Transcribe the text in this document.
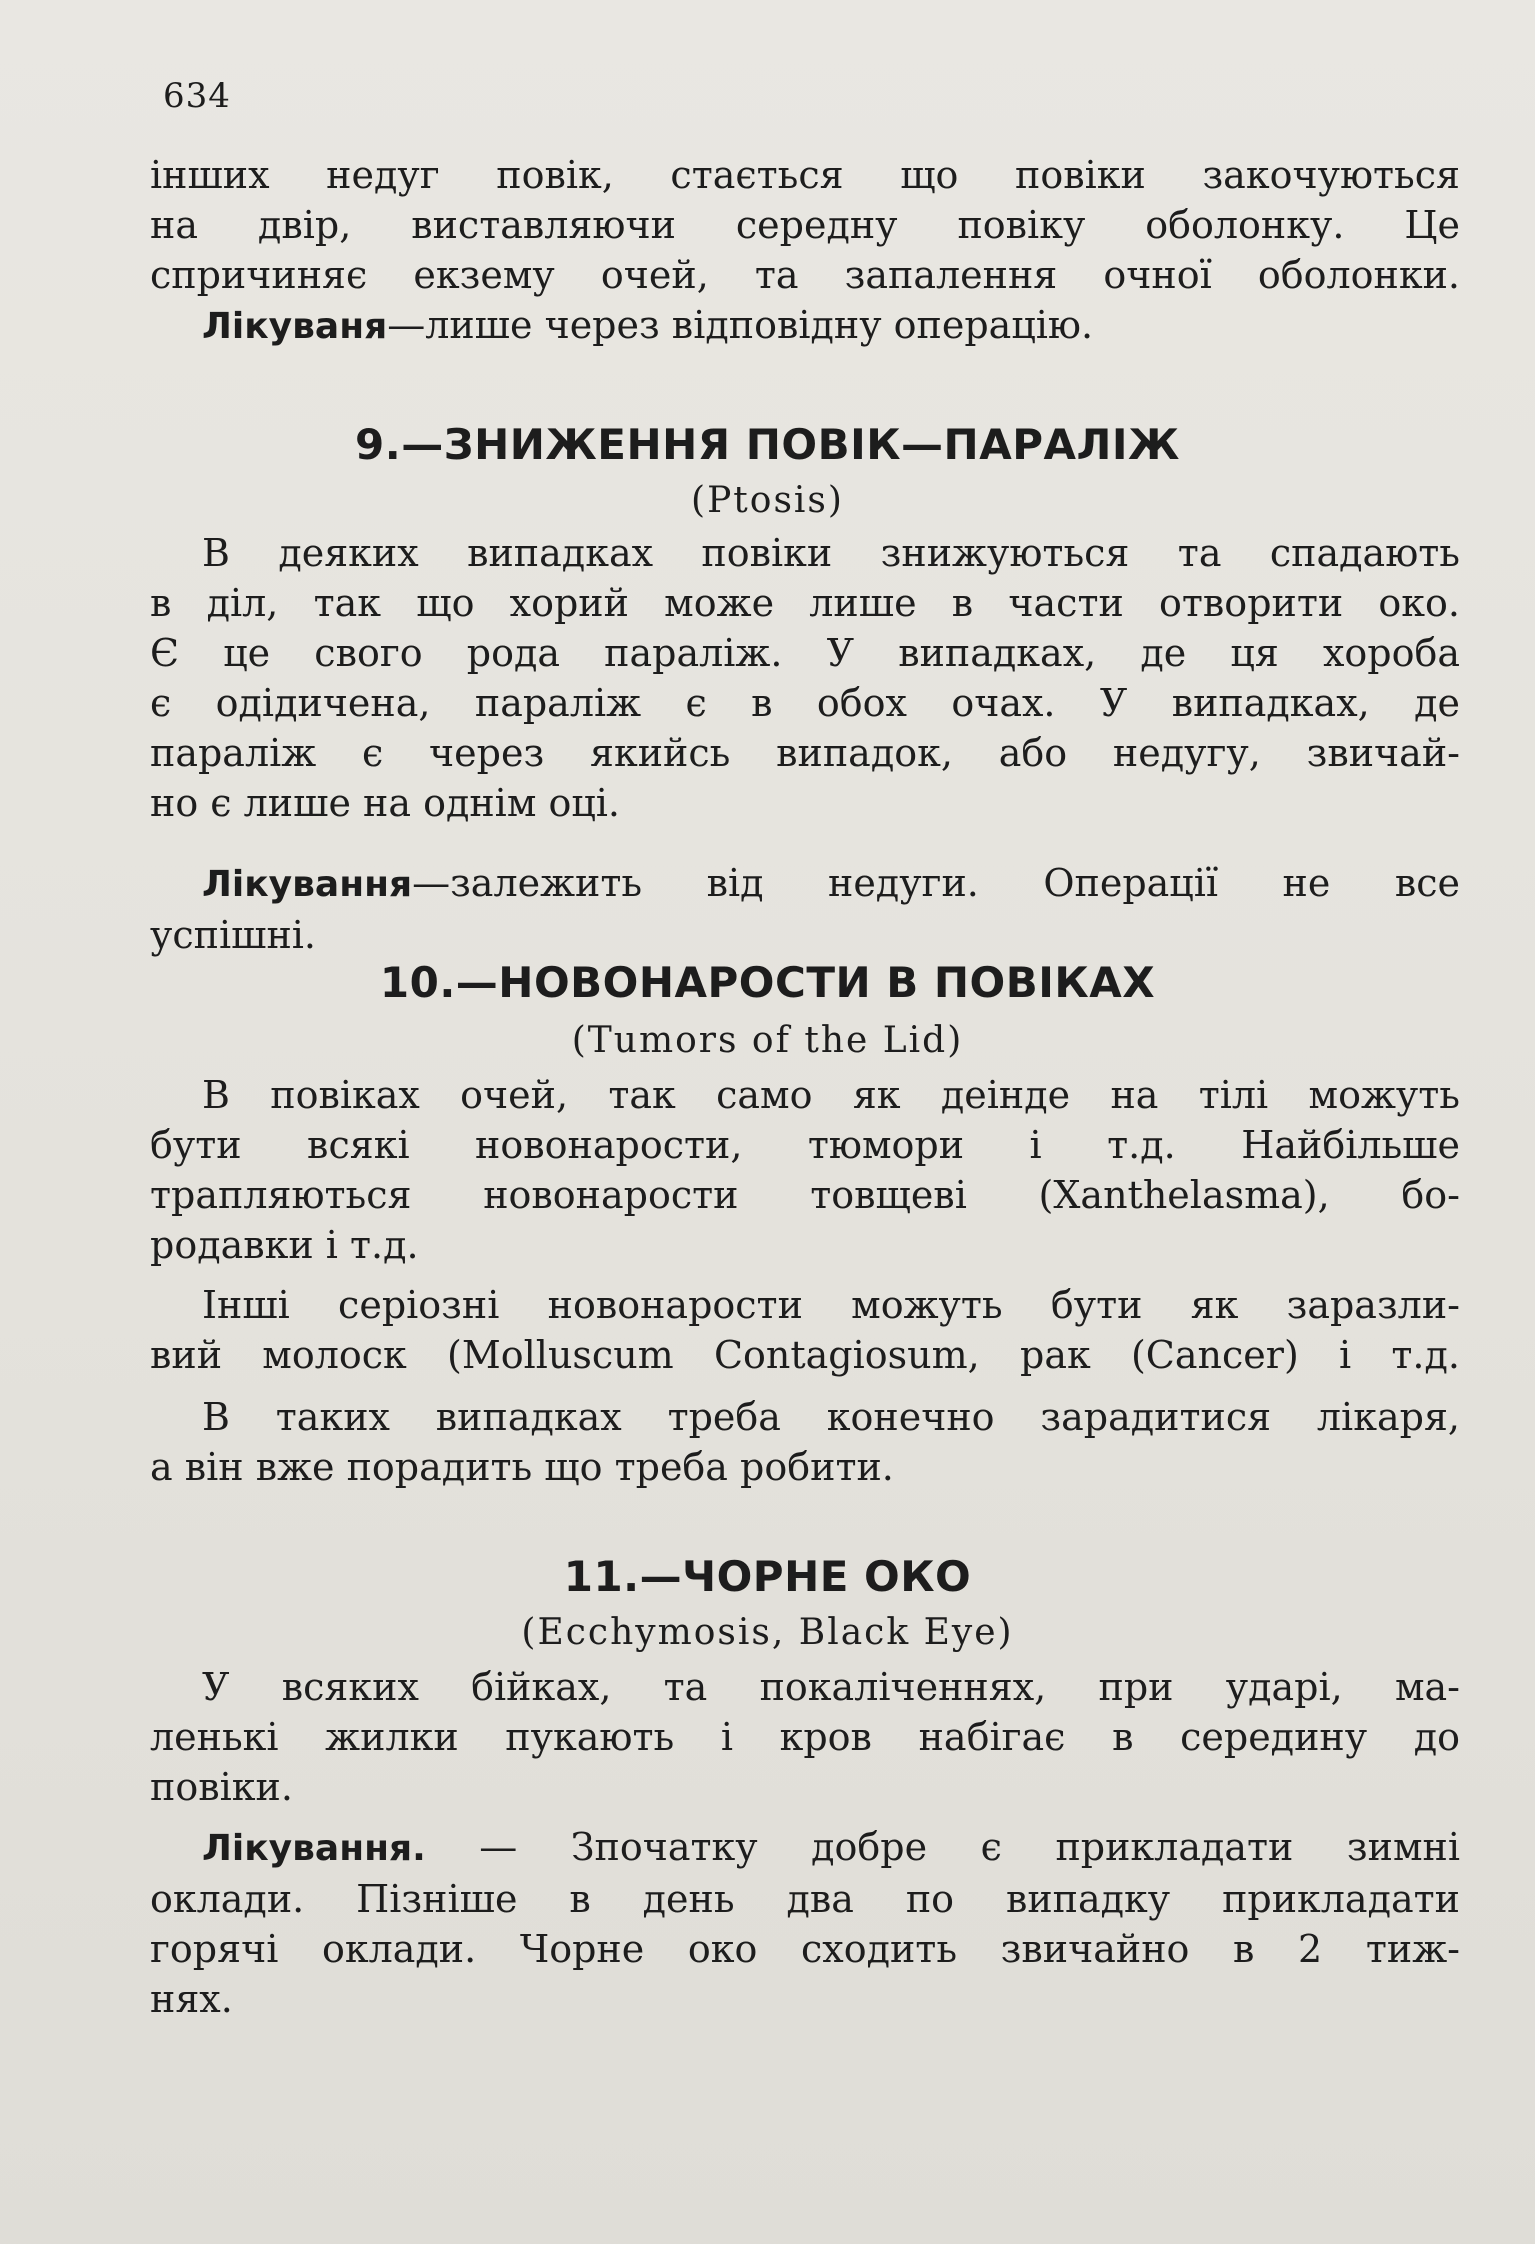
634
інших недуг повік, стається що повіки закочуються
на двір, виставляючи середну повіку оболонку. Це
спричиняє екзему очей, та запалення очної оболонки.
Лікуваня—лише через відповідну операцію.
9.—ЗНИЖЕННЯ ПОВІК—ПАРАЛІЖ
(Ptosis)
В деяких випадках повіки знижуються та спадають
в діл, так що хорий може лише в части отворити око.
Є це свого рода параліж. У випадках, де ця хороба
є одідичена, параліж є в обох очах. У випадках, де
параліж є через якийсь випадок, або недугу, звичай-
но є лише на однім оці.
Лікування—залежить від недуги. Операції не все
успішні.
10.—НОВОНАРОСТИ В ПОВІКАХ
(Tumors of the Lid)
В повіках очей, так само як деінде на тілі можуть
бути всякі новонарости, тюмори і т.д. Найбільше
трапляються новонарости товщеві (Xanthelasma), бо-
родавки і т.д.
Інші серіозні новонарости можуть бути як заразли-
вий молоск (Molluscum Contagiosum, рак (Cancer) і т.д.
В таких випадках треба конечно зарадитися лікаря,
а він вже порадить що треба робити.
11.—ЧОРНЕ ОКО
(Ecchymosis, Black Eye)
У всяких бійках, та покаліченнях, при ударі, ма-
ленькі жилки пукають і кров набігає в середину до
повіки.
Лікування. — Зпочатку добре є прикладати зимні
оклади. Пізніше в день два по випадку прикладати
горячі оклади. Чорне око сходить звичайно в 2 тиж-
нях.
